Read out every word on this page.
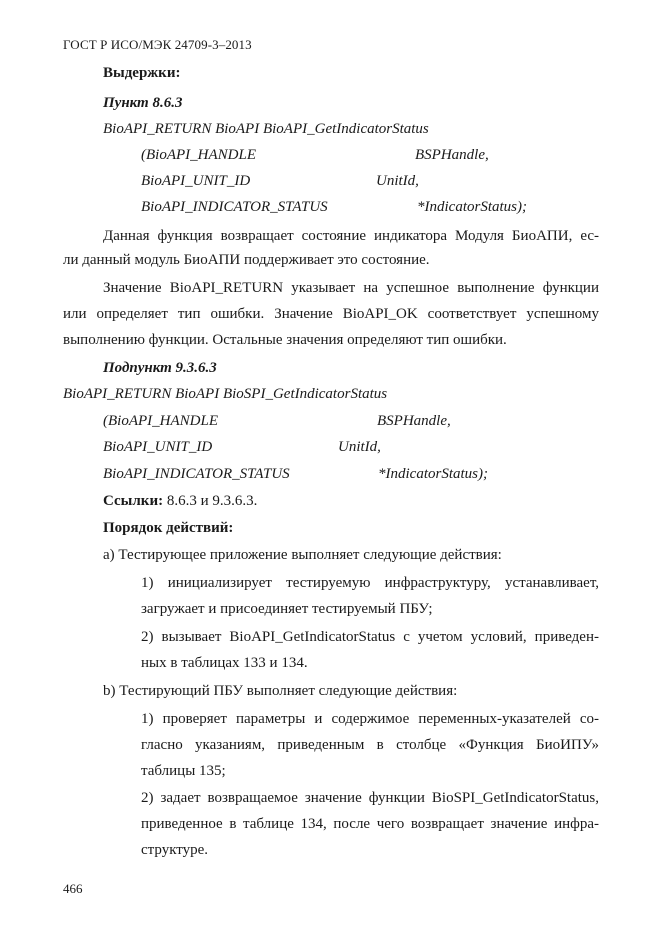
ГОСТ Р ИСО/МЭК 24709-3–2013
Выдержки:
Пункт 8.6.3
BioAPI_RETURN BioAPI BioAPI_GetIndicatorStatus
(BioAPI_HANDLE	BSPHandle,
BioAPI_UNIT_ID	UnitId,
BioAPI_INDICATOR_STATUS	*IndicatorStatus);
Данная функция возвращает состояние индикатора Модуля БиоАПИ, ес-
ли данный модуль БиоАПИ поддерживает это состояние.
Значение BioAPI_RETURN указывает на успешное выполнение функции
или определяет тип ошибки. Значение BioAPI_OK соответствует успешному
выполнению функции. Остальные значения определяют тип ошибки.
Подпункт 9.3.6.3
BioAPI_RETURN BioAPI BioSPI_GetIndicatorStatus
(BioAPI_HANDLE	BSPHandle,
BioAPI_UNIT_ID	UnitId,
BioAPI_INDICATOR_STATUS	*IndicatorStatus);
Ссылки: 8.6.3 и 9.3.6.3.
Порядок действий:
а) Тестирующее приложение выполняет следующие действия:
1) инициализирует тестируемую инфраструктуру, устанавливает,
загружает и присоединяет тестируемый ПБУ;
2) вызывает BioAPI_GetIndicatorStatus с учетом условий, приведен-
ных в таблицах 133 и 134.
b) Тестирующий ПБУ выполняет следующие действия:
1) проверяет параметры и содержимое переменных-указателей со-
гласно указаниям, приведенным в столбце «Функция БиоИПУ»
таблицы 135;
2) задает возвращаемое значение функции BioSPI_GetIndicatorStatus,
приведенное в таблице 134, после чего возвращает значение инфра-
структуре.
466
